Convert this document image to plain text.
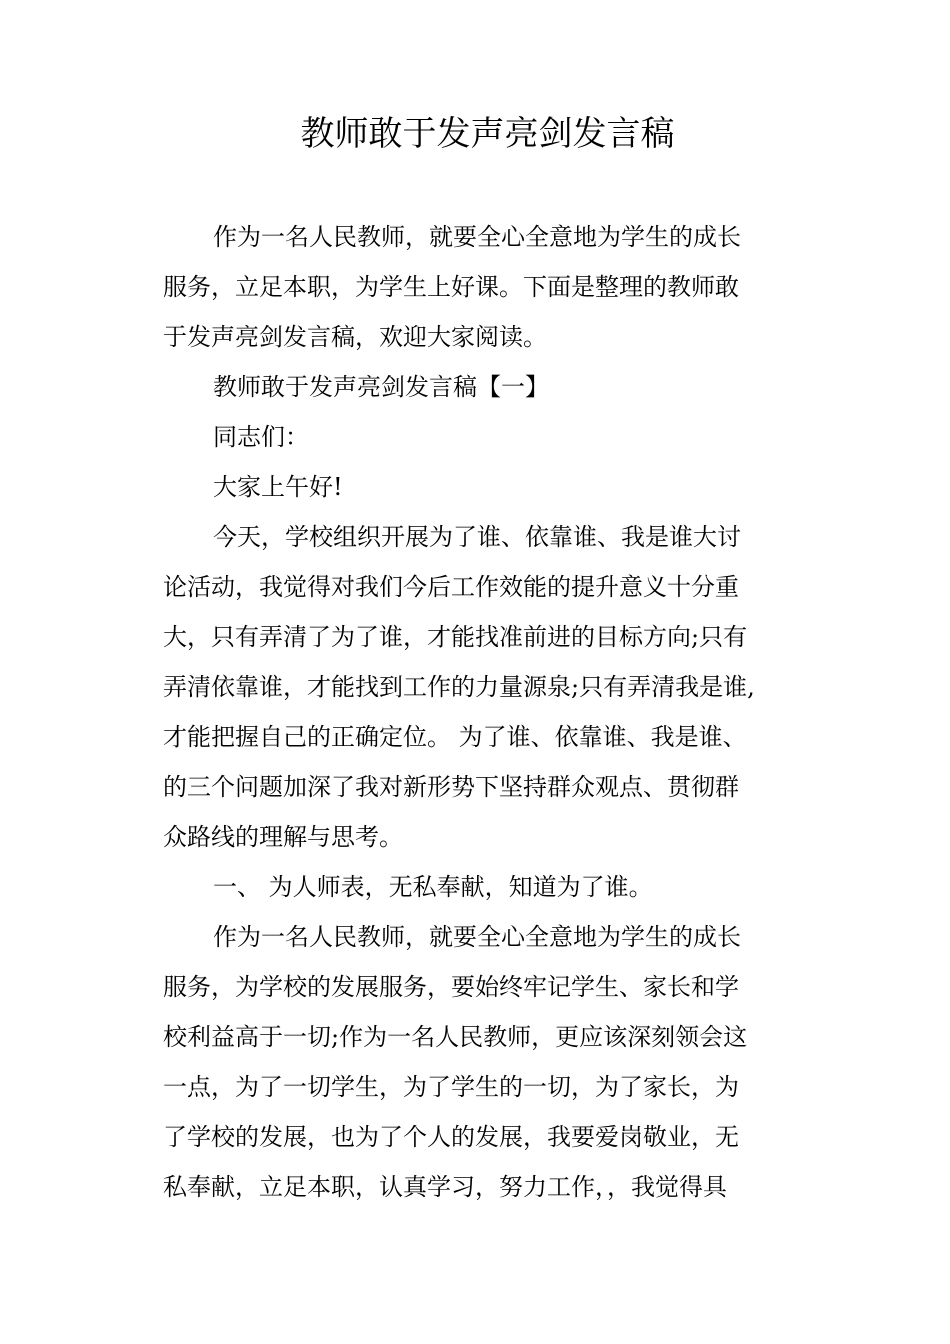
教师敢于发声亮剑发言稿
作为一名人民教师，就要全心全意地为学生的成长
服务，立足本职，为学生上好课。下面是整理的教师敢
于发声亮剑发言稿，欢迎大家阅读。
教师敢于发声亮剑发言稿【一】
同志们：
大家上午好!
今天，学校组织开展为了谁、依靠谁、我是谁大讨
论活动，我觉得对我们今后工作效能的提升意义十分重
大，只有弄清了为了谁，才能找准前进的目标方向;只有
弄清依靠谁，才能找到工作的力量源泉;只有弄清我是谁,
才能把握自己的正确定位。 为了谁、依靠谁、我是谁、
的三个问题加深了我对新形势下坚持群众观点、贯彻群
众路线的理解与思考。
一、 为人师表，无私奉献，知道为了谁。
作为一名人民教师，就要全心全意地为学生的成长
服务，为学校的发展服务，要始终牢记学生、家长和学
校利益高于一切;作为一名人民教师，更应该深刻领会这
一点，为了一切学生，为了学生的一切，为了家长，为
了学校的发展，也为了个人的发展，我要爱岗敬业，无
私奉献，立足本职，认真学习，努力工作，，我觉得具
